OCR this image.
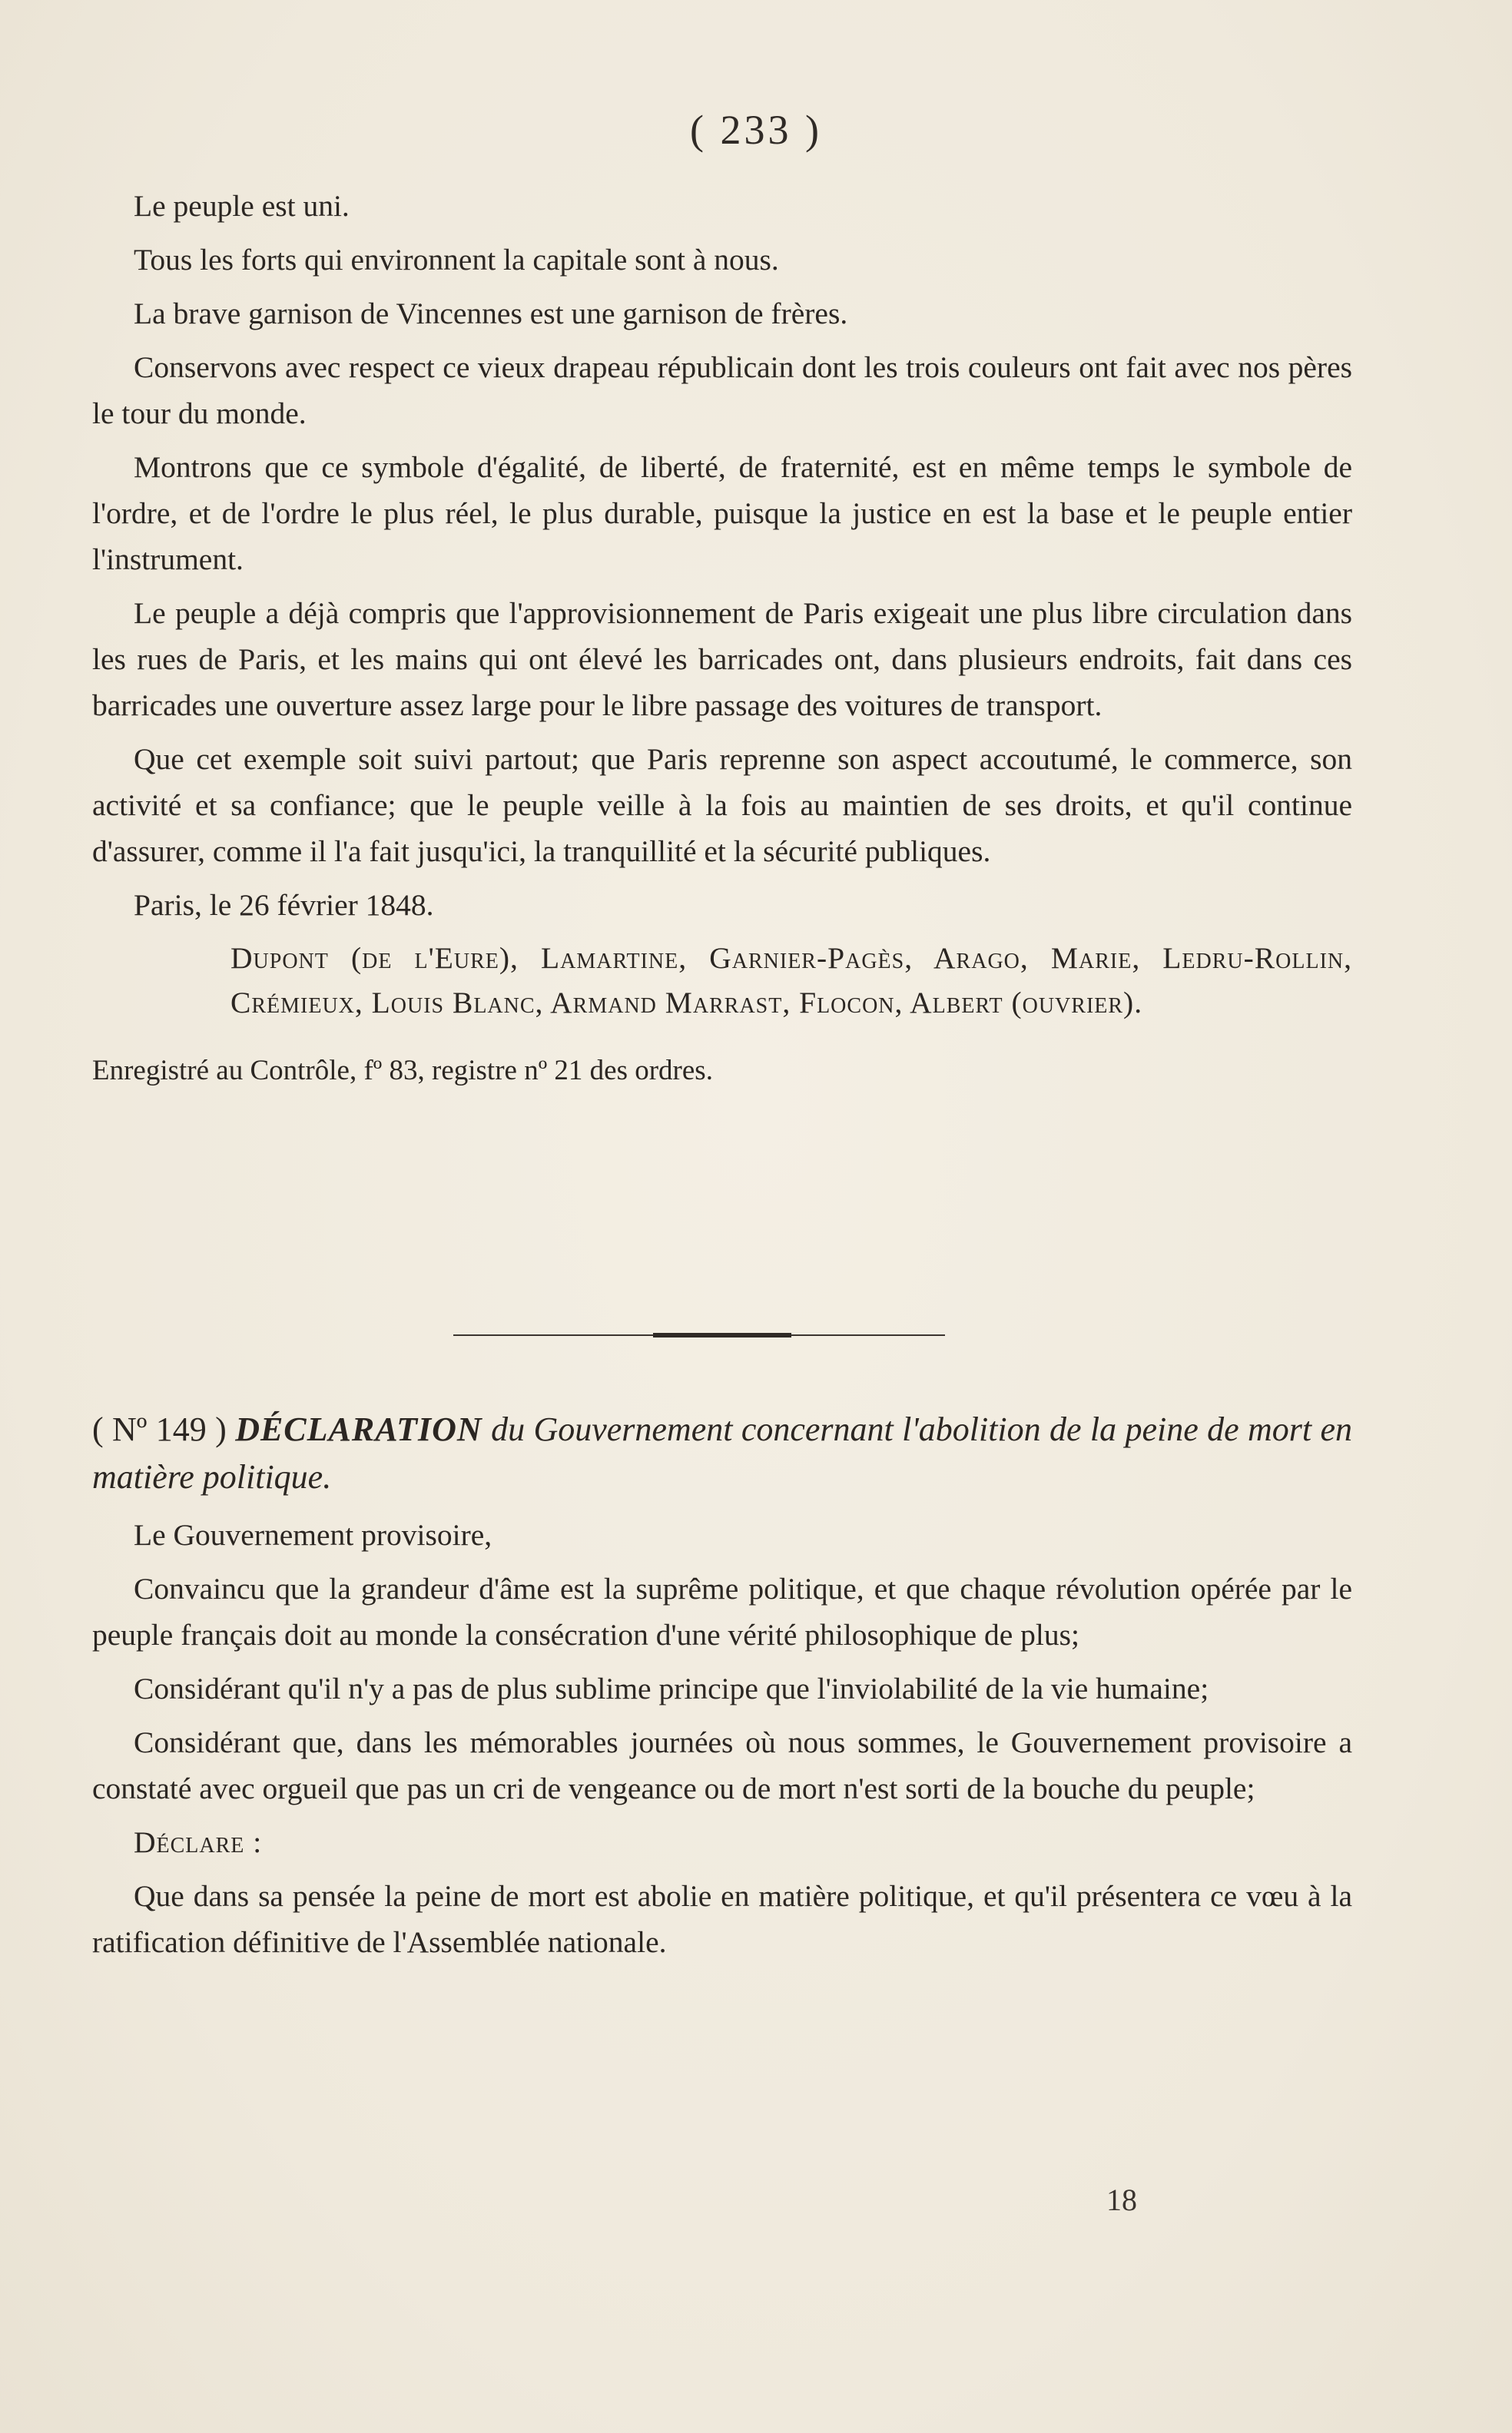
( 233 )

Le peuple est uni.

Tous les forts qui environnent la capitale sont à nous.

La brave garnison de Vincennes est une garnison de frères.

Conservons avec respect ce vieux drapeau républicain dont les trois couleurs ont fait avec nos pères le tour du monde.

Montrons que ce symbole d'égalité, de liberté, de fraternité, est en même temps le symbole de l'ordre, et de l'ordre le plus réel, le plus durable, puisque la justice en est la base et le peuple entier l'instrument.

Le peuple a déjà compris que l'approvisionnement de Paris exigeait une plus libre circulation dans les rues de Paris, et les mains qui ont élevé les barricades ont, dans plusieurs endroits, fait dans ces barricades une ouverture assez large pour le libre passage des voitures de transport.

Que cet exemple soit suivi partout; que Paris reprenne son aspect accoutumé, le commerce, son activité et sa confiance; que le peuple veille à la fois au maintien de ses droits, et qu'il continue d'assurer, comme il l'a fait jusqu'ici, la tranquillité et la sécurité publiques.

Paris, le 26 février 1848.

Dupont (de l'Eure), Lamartine, Garnier-Pagès, Arago, Marie, Ledru-Rollin, Crémieux, Louis Blanc, Armand Marrast, Flocon, Albert (ouvrier).

Enregistré au Contrôle, fº 83, registre nº 21 des ordres.

( Nº 149 ) DÉCLARATION du Gouvernement concernant l'abolition de la peine de mort en matière politique.

Le Gouvernement provisoire,

Convaincu que la grandeur d'âme est la suprême politique, et que chaque révolution opérée par le peuple français doit au monde la consécration d'une vérité philosophique de plus;

Considérant qu'il n'y a pas de plus sublime principe que l'inviolabilité de la vie humaine;

Considérant que, dans les mémorables journées où nous sommes, le Gouvernement provisoire a constaté avec orgueil que pas un cri de vengeance ou de mort n'est sorti de la bouche du peuple;

Déclare :

Que dans sa pensée la peine de mort est abolie en matière politique, et qu'il présentera ce vœu à la ratification définitive de l'Assemblée nationale.

18
